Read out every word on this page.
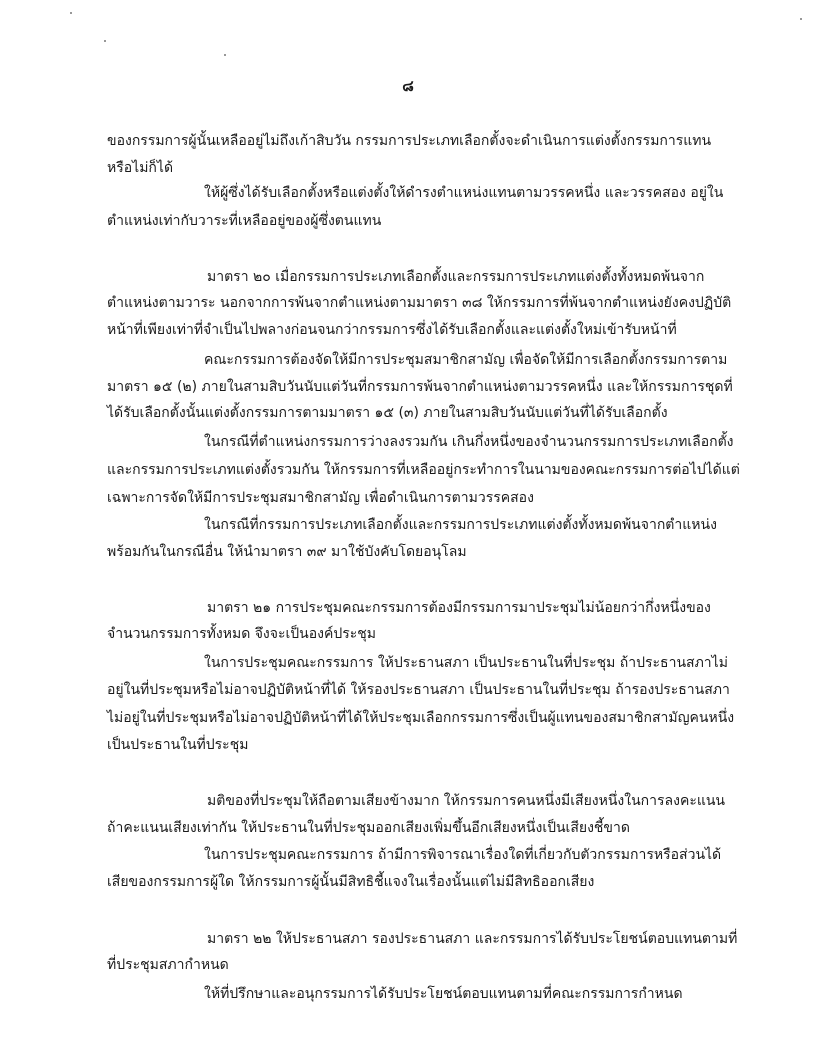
๘
ของกรรมการผู้นั้นเหลืออยู่ไม่ถึงเก้าสิบวัน กรรมการประเภทเลือกตั้งจะดำเนินการแต่งตั้งกรรมการแทน
หรือไม่ก็ได้
ให้ผู้ซึ่งได้รับเลือกตั้งหรือแต่งตั้งให้ดำรงตำแหน่งแทนตามวรรคหนึ่ง และวรรคสอง อยู่ใน
ตำแหน่งเท่ากับวาระที่เหลืออยู่ของผู้ซึ่งตนแทน
มาตรา ๒๐ เมื่อกรรมการประเภทเลือกตั้งและกรรมการประเภทแต่งตั้งทั้งหมดพ้นจาก
ตำแหน่งตามวาระ นอกจากการพ้นจากตำแหน่งตามมาตรา ๓๘ ให้กรรมการที่พ้นจากตำแหน่งยังคงปฏิบัติ
หน้าที่เพียงเท่าที่จำเป็นไปพลางก่อนจนกว่ากรรมการซึ่งได้รับเลือกตั้งและแต่งตั้งใหม่เข้ารับหน้าที่
คณะกรรมการต้องจัดให้มีการประชุมสมาชิกสามัญ เพื่อจัดให้มีการเลือกตั้งกรรมการตาม
มาตรา ๑๕ (๒) ภายในสามสิบวันนับแต่วันที่กรรมการพ้นจากตำแหน่งตามวรรคหนึ่ง และให้กรรมการชุดที่
ได้รับเลือกตั้งนั้นแต่งตั้งกรรมการตามมาตรา ๑๕ (๓) ภายในสามสิบวันนับแต่วันที่ได้รับเลือกตั้ง
ในกรณีที่ตำแหน่งกรรมการว่างลงรวมกัน เกินกึ่งหนึ่งของจำนวนกรรมการประเภทเลือกตั้ง
และกรรมการประเภทแต่งตั้งรวมกัน ให้กรรมการที่เหลืออยู่กระทำการในนามของคณะกรรมการต่อไปได้แต่
เฉพาะการจัดให้มีการประชุมสมาชิกสามัญ เพื่อดำเนินการตามวรรคสอง
ในกรณีที่กรรมการประเภทเลือกตั้งและกรรมการประเภทแต่งตั้งทั้งหมดพ้นจากตำแหน่ง
พร้อมกันในกรณีอื่น ให้นำมาตรา ๓๙ มาใช้บังคับโดยอนุโลม
มาตรา ๒๑ การประชุมคณะกรรมการต้องมีกรรมการมาประชุมไม่น้อยกว่ากึ่งหนึ่งของ
จำนวนกรรมการทั้งหมด จึงจะเป็นองค์ประชุม
ในการประชุมคณะกรรมการ ให้ประธานสภา เป็นประธานในที่ประชุม ถ้าประธานสภาไม่
อยู่ในที่ประชุมหรือไม่อาจปฏิบัติหน้าที่ได้ ให้รองประธานสภา เป็นประธานในที่ประชุม ถ้ารองประธานสภา
ไม่อยู่ในที่ประชุมหรือไม่อาจปฏิบัติหน้าที่ได้ให้ประชุมเลือกกรรมการซึ่งเป็นผู้แทนของสมาชิกสามัญคนหนึ่ง
เป็นประธานในที่ประชุม
มติของที่ประชุมให้ถือตามเสียงข้างมาก ให้กรรมการคนหนึ่งมีเสียงหนึ่งในการลงคะแนน
ถ้าคะแนนเสียงเท่ากัน ให้ประธานในที่ประชุมออกเสียงเพิ่มขึ้นอีกเสียงหนึ่งเป็นเสียงชี้ขาด
ในการประชุมคณะกรรมการ ถ้ามีการพิจารณาเรื่องใดที่เกี่ยวกับตัวกรรมการหรือส่วนได้
เสียของกรรมการผู้ใด ให้กรรมการผู้นั้นมีสิทธิชี้แจงในเรื่องนั้นแต่ไม่มีสิทธิออกเสียง
มาตรา ๒๒ ให้ประธานสภา รองประธานสภา และกรรมการได้รับประโยชน์ตอบแทนตามที่
ที่ประชุมสภากำหนด
ให้ที่ปรึกษาและอนุกรรมการได้รับประโยชน์ตอบแทนตามที่คณะกรรมการกำหนด
